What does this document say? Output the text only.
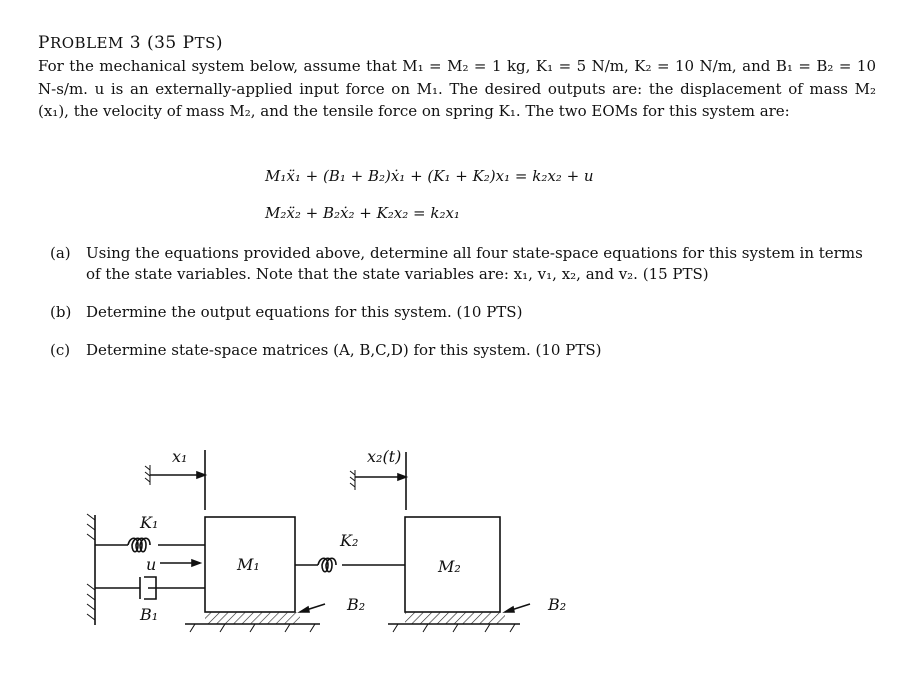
PROBLEM 3 (35 PTS)
For the mechanical system below, assume that M₁ = M₂ = 1 kg, K₁ = 5 N/m, K₂ = 10 N/m, and B₁ = B₂ = 10 N-s/m. u is an externally-applied input force on M₁. The desired outputs are: the displacement of mass M₂ (x₁), the velocity of mass M₂, and the tensile force on spring K₁. The two EOMs for this system are:
M₁ẍ₁ + (B₁ + B₂)ẋ₁ + (K₁ + K₂)x₁ = k₂x₂ + u
M₂ẍ₂ + B₂ẋ₂ + K₂x₂ = k₂x₁
(a)	Using the equations provided above, determine all four state-space equations for this system in terms of the state variables. Note that the state variables are: x₁, v₁, x₂, and v₂. (15 PTS)
(b) Determine the output equations for this system. (10 PTS)
(c)	Determine state-space matrices (A, B,C,D) for this system. (10 PTS)
x₁	x₂(t)
K₁
u
B₁
M₁
K₂
B₂
M₂
B₂
